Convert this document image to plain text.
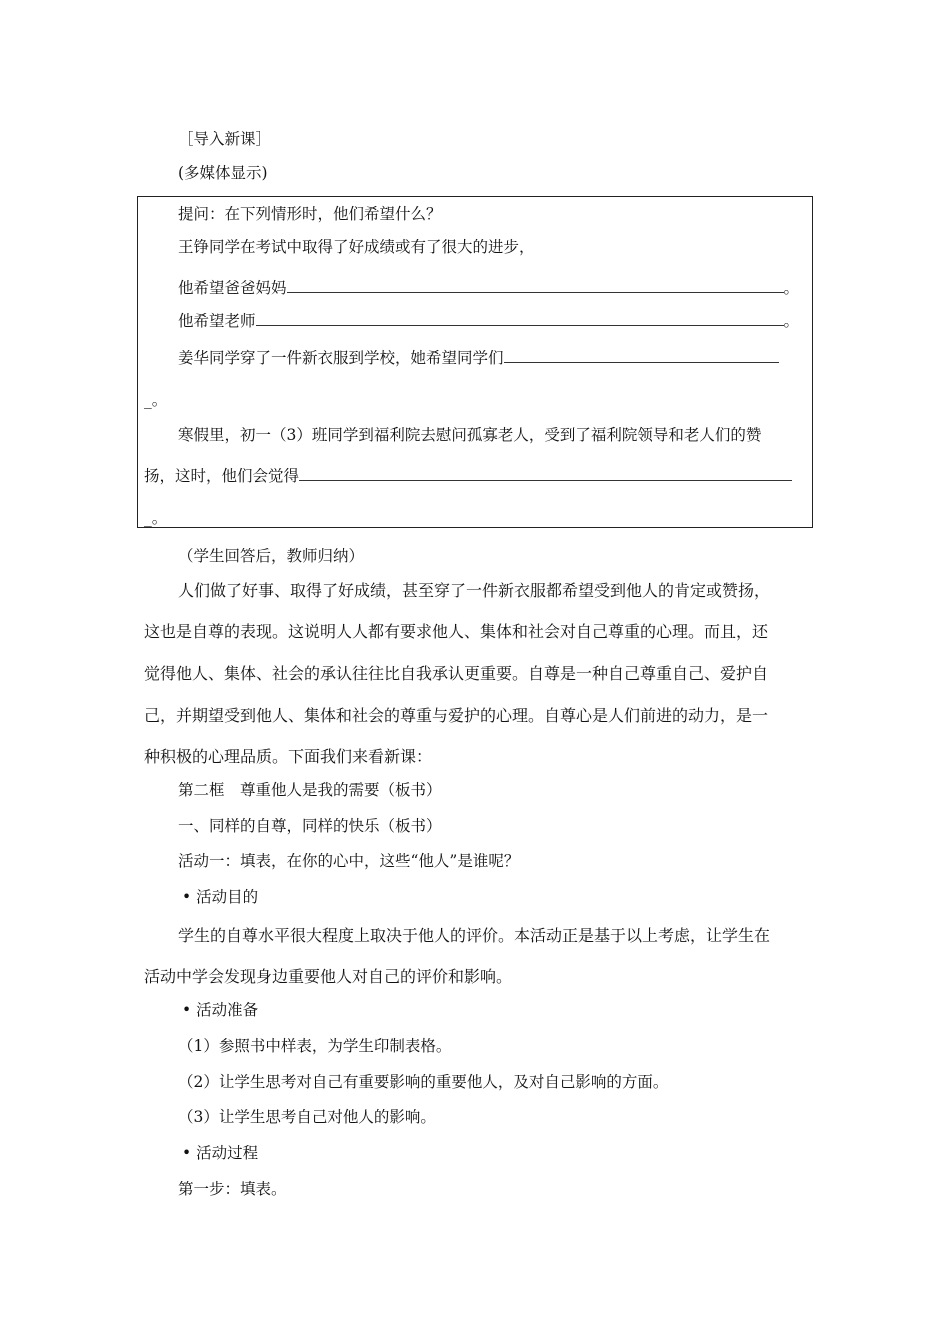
［导入新课］
(多媒体显示)
提问：在下列情形时，他们希望什么？
王铮同学在考试中取得了好成绩或有了很大的进步，
他希望爸爸妈妈	。
他希望老师	。
姜华同学穿了一件新衣服到学校，她希望同学们
_。
寒假里，初一（3）班同学到福利院去慰问孤寡老人，受到了福利院领导和老人们的赞
扬，这时，他们会觉得
_。
（学生回答后，教师归纳）
人们做了好事、取得了好成绩，甚至穿了一件新衣服都希望受到他人的肯定或赞扬，
这也是自尊的表现。这说明人人都有要求他人、集体和社会对自己尊重的心理。而且，还
觉得他人、集体、社会的承认往往比自我承认更重要。自尊是一种自己尊重自己、爱护自
己，并期望受到他人、集体和社会的尊重与爱护的心理。自尊心是人们前进的动力，是一
种积极的心理品质。下面我们来看新课：
第二框　尊重他人是我的需要（板书）
一、同样的自尊，同样的快乐（板书）
活动一：填表，在你的心中，这些“他人”是谁呢？
• 活动目的
学生的自尊水平很大程度上取决于他人的评价。本活动正是基于以上考虑，让学生在
活动中学会发现身边重要他人对自己的评价和影响。
• 活动准备
（1）参照书中样表，为学生印制表格。
（2）让学生思考对自己有重要影响的重要他人，及对自己影响的方面。
（3）让学生思考自己对他人的影响。
• 活动过程
第一步：填表。
